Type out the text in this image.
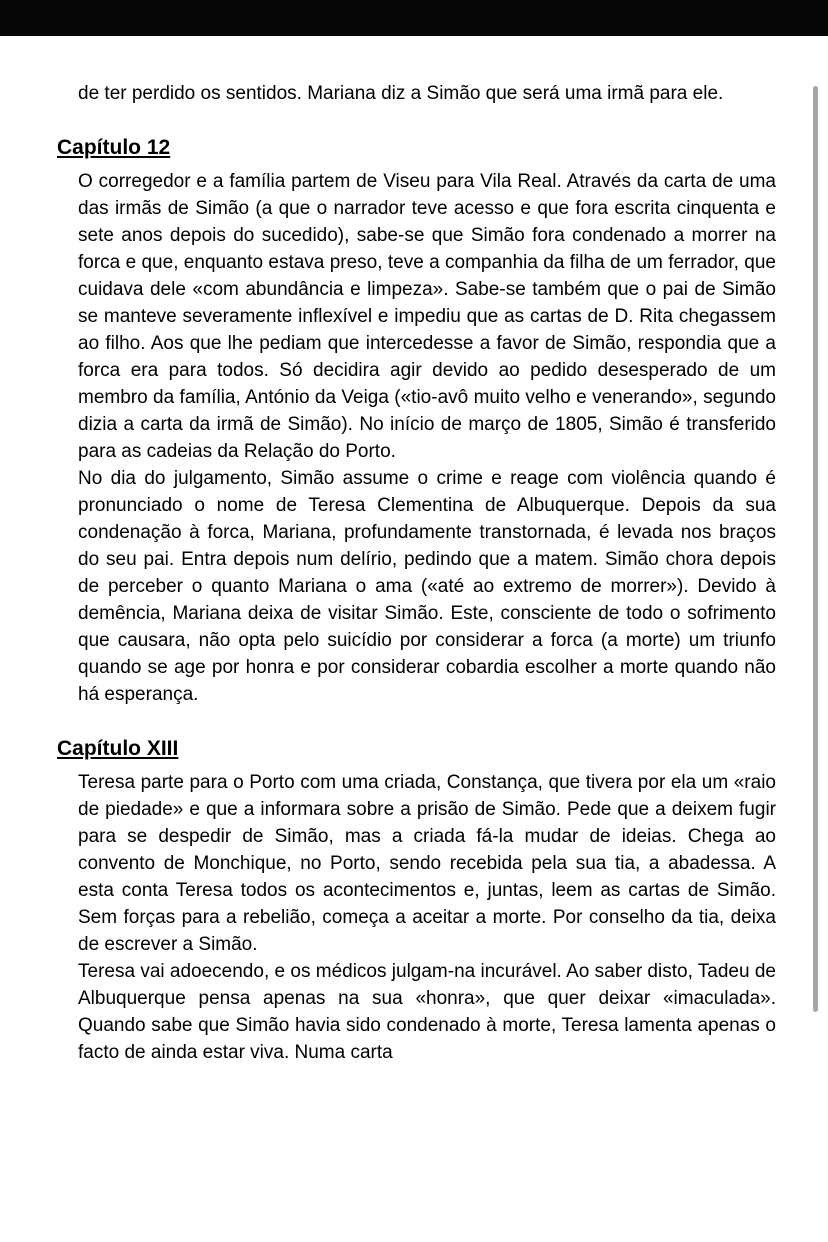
de ter perdido os sentidos. Mariana diz a Simão que será uma irmã para ele.

Capítulo 12

O corregedor e a família partem de Viseu para Vila Real. Através da carta de uma das irmãs de Simão (a que o narrador teve acesso e que fora escrita cinquenta e sete anos depois do sucedido), sabe-se que Simão fora condenado a morrer na forca e que, enquanto estava preso, teve a companhia da filha de um ferrador, que cuidava dele «com abundância e limpeza». Sabe-se também que o pai de Simão se manteve severamente inflexível e impediu que as cartas de D. Rita chegassem ao filho. Aos que lhe pediam que intercedesse a favor de Simão, respondia que a forca era para todos. Só decidira agir devido ao pedido desesperado de um membro da família, António da Veiga («tio-avô muito velho e venerando», segundo dizia a carta da irmã de Simão). No início de março de 1805, Simão é transferido para as cadeias da Relação do Porto.

No dia do julgamento, Simão assume o crime e reage com violência quando é pronunciado o nome de Teresa Clementina de Albuquerque. Depois da sua condenação à forca, Mariana, profundamente transtornada, é levada nos braços do seu pai. Entra depois num delírio, pedindo que a matem. Simão chora depois de perceber o quanto Mariana o ama («até ao extremo de morrer»). Devido à demência, Mariana deixa de visitar Simão. Este, consciente de todo o sofrimento que causara, não opta pelo suicídio por considerar a forca (a morte) um triunfo quando se age por honra e por considerar cobardia escolher a morte quando não há esperança.

Capítulo XIII

Teresa parte para o Porto com uma criada, Constança, que tivera por ela um «raio de piedade» e que a informara sobre a prisão de Simão. Pede que a deixem fugir para se despedir de Simão, mas a criada fá-la mudar de ideias. Chega ao convento de Monchique, no Porto, sendo recebida pela sua tia, a abadessa. A esta conta Teresa todos os acontecimentos e, juntas, leem as cartas de Simão. Sem forças para a rebelião, começa a aceitar a morte. Por conselho da tia, deixa de escrever a Simão.

Teresa vai adoecendo, e os médicos julgam-na incurável. Ao saber disto, Tadeu de Albuquerque pensa apenas na sua «honra», que quer deixar «imaculada». Quando sabe que Simão havia sido condenado à morte, Teresa lamenta apenas o facto de ainda estar viva. Numa carta
